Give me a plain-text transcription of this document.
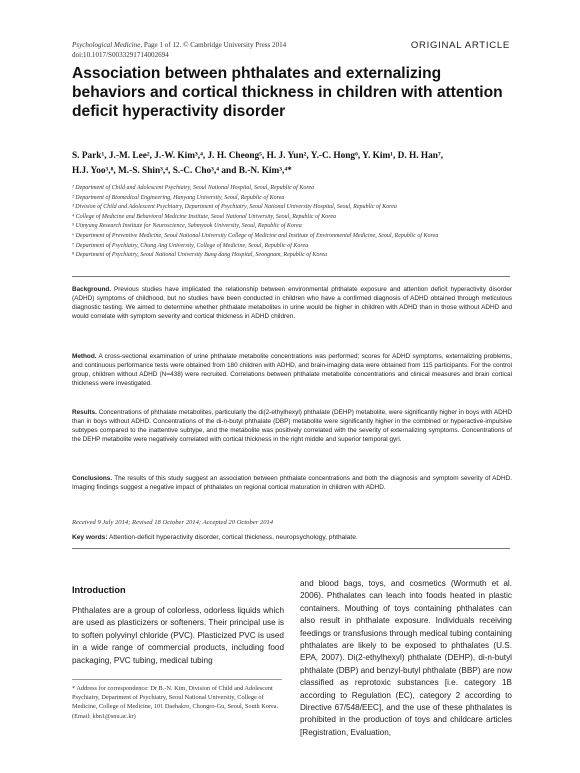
Psychological Medicine, Page 1 of 12. © Cambridge University Press 2014
doi:10.1017/S0033291714002694
ORIGINAL ARTICLE
Association between phthalates and externalizing behaviors and cortical thickness in children with attention deficit hyperactivity disorder
S. Park¹, J.-M. Lee², J.-W. Kim³,⁴, J. H. Cheong⁵, H. J. Yun², Y.-C. Hong⁶, Y. Kim¹, D. H. Han⁷,
H.J. Yoo³,⁸, M.-S. Shin³,⁴, S.-C. Cho³,⁴ and B.-N. Kim³,⁴*
¹ Department of Child and Adolescent Psychiatry, Seoul National Hospital, Seoul, Republic of Korea
² Department of Biomedical Engineering, Hanyang University, Seoul, Republic of Korea
³ Division of Child and Adolescent Psychiatry, Department of Psychiatry, Seoul National University Hospital, Seoul, Republic of Korea
⁴ College of Medicine and Behavioral Medicine Institute, Seoul National University, Seoul, Republic of Korea
⁵ Uimyung Research Institute for Neuroscience, Sahmyook University, Seoul, Republic of Korea
⁶ Department of Preventive Medicine, Seoul National University College of Medicine and Institute of Environmental Medicine, Seoul, Republic of Korea
⁷ Department of Psychiatry, Chung Ang University, College of Medicine, Seoul, Republic of Korea
⁸ Department of Psychiatry, Seoul National University Bung dang Hospital, Seongnam, Republic of Korea
Background. Previous studies have implicated the relationship between environmental phthalate exposure and attention deficit hyperactivity disorder (ADHD) symptoms of childhood, but no studies have been conducted in children who have a confirmed diagnosis of ADHD obtained through meticulous diagnostic testing. We aimed to determine whether phthalate metabolites in urine would be higher in children with ADHD than in those without ADHD and would correlate with symptom severity and cortical thickness in ADHD children.
Method. A cross-sectional examination of urine phthalate metabolite concentrations was performed; scores for ADHD symptoms, externalizing problems, and continuous performance tests were obtained from 180 children with ADHD, and brain-imaging data were obtained from 115 participants. For the control group, children without ADHD (N=438) were recruited. Correlations between phthalate metabolite concentrations and clinical measures and brain cortical thickness were investigated.
Results. Concentrations of phthalate metabolites, particularly the di(2-ethylhexyl) phthalate (DEHP) metabolite, were significantly higher in boys with ADHD than in boys without ADHD. Concentrations of the di-n-butyl phthalate (DBP) metabolite were significantly higher in the combined or hyperactive-impulsive subtypes compared to the inattentive subtype, and the metabolite was positively correlated with the severity of externalizing symptoms. Concentrations of the DEHP metabolite were negatively correlated with cortical thickness in the right middle and superior temporal gyri.
Conclusions. The results of this study suggest an association between phthalate concentrations and both the diagnosis and symptom severity of ADHD. Imaging findings suggest a negative impact of phthalates on regional cortical maturation in children with ADHD.
Received 9 July 2014; Revised 18 October 2014; Accepted 20 October 2014
Key words: Attention-deficit hyperactivity disorder, cortical thickness, neuropsychology, phthalate.
Introduction

Phthalates are a group of colorless, odorless liquids which are used as plasticizers or softeners. Their principal use is to soften polyvinyl chloride (PVC). Plasticized PVC is used in a wide range of commercial products, including food packaging, PVC tubing, medical tubing

and blood bags, toys, and cosmetics (Wormuth et al. 2006). Phthalates can leach into foods heated in plastic containers. Mouthing of toys containing phthalates can also result in phthalate exposure. Individuals receiving feedings or transfusions through medical tubing containing phthalates are likely to be exposed to phthalates (U.S. EPA, 2007). Di(2-ethylhexyl) phthalate (DEHP), di-n-butyl phthalate (DBP) and benzyl-butyl phthalate (BBP) are now classified as reprotoxic substances [i.e. category 1B according to Regulation (EC), category 2 according to Directive 67/548/EEC], and the use of these phthalates is prohibited in the production of toys and childcare articles [Registration, Evaluation,

* Address for correspondence: Dr B.-N. Kim, Division of Child and Adolescent Psychiatry, Department of Psychiatry, Seoul National University, College of Medicine, College of Medicine, 101 Daehakro, Chongro-Gu, Seoul, South Korea.
(Email: kbn1@snu.ac.kr)
